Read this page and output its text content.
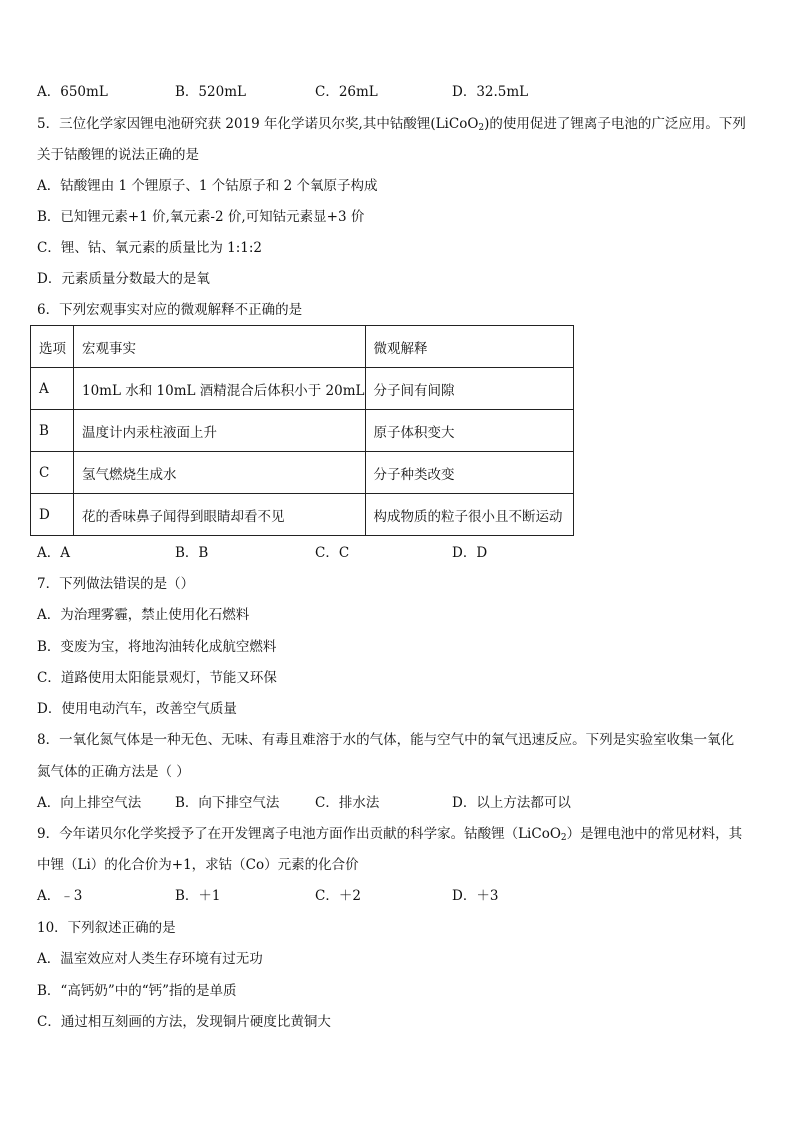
A．650mL	B．520mL	C．26mL	D．32.5mL
5．三位化学家因锂电池研究获 2019 年化学诺贝尔奖,其中钴酸锂(LiCoO$_2$)的使用促进了锂离子电池的广泛应用。下列
关于钴酸锂的说法正确的是
A．钴酸锂由 1 个锂原子、1 个钴原子和 2 个氧原子构成
B．已知锂元素+1 价,氧元素-2 价,可知钴元素显+3 价
C．锂、钴、氧元素的质量比为 1:1:2
D．元素质量分数最大的是氧
6．下列宏观事实对应的微观解释不正确的是
选项	宏观事实	微观解释
A	10mL 水和 10mL 酒精混合后体积小于 20mL	分子间有间隙
B	温度计内汞柱液面上升	原子体积变大
C	氢气燃烧生成水	分子种类改变
D	花的香味鼻子闻得到眼睛却看不见	构成物质的粒子很小且不断运动
A．A	B．B	C．C	D．D
7．下列做法错误的是（）
A．为治理雾霾，禁止使用化石燃料
B．变废为宝，将地沟油转化成航空燃料
C．道路使用太阳能景观灯，节能又环保
D．使用电动汽车，改善空气质量
8．一氧化氮气体是一种无色、无味、有毒且难溶于水的气体，能与空气中的氧气迅速反应。下列是实验室收集一氧化
氮气体的正确方法是（ ）
A．向上排空气法	B．向下排空气法	C．排水法	D．以上方法都可以
9．今年诺贝尔化学奖授予了在开发锂离子电池方面作出贡献的科学家。钴酸锂（LiCoO$_2$）是锂电池中的常见材料，其
中锂（Li）的化合价为+1，求钴（Co）元素的化合价
A．﹣3	B．＋1	C．＋2	D．＋3
10．下列叙述正确的是
A．温室效应对人类生存环境有过无功
B．“高钙奶”中的“钙”指的是单质
C．通过相互刻画的方法，发现铜片硬度比黄铜大
